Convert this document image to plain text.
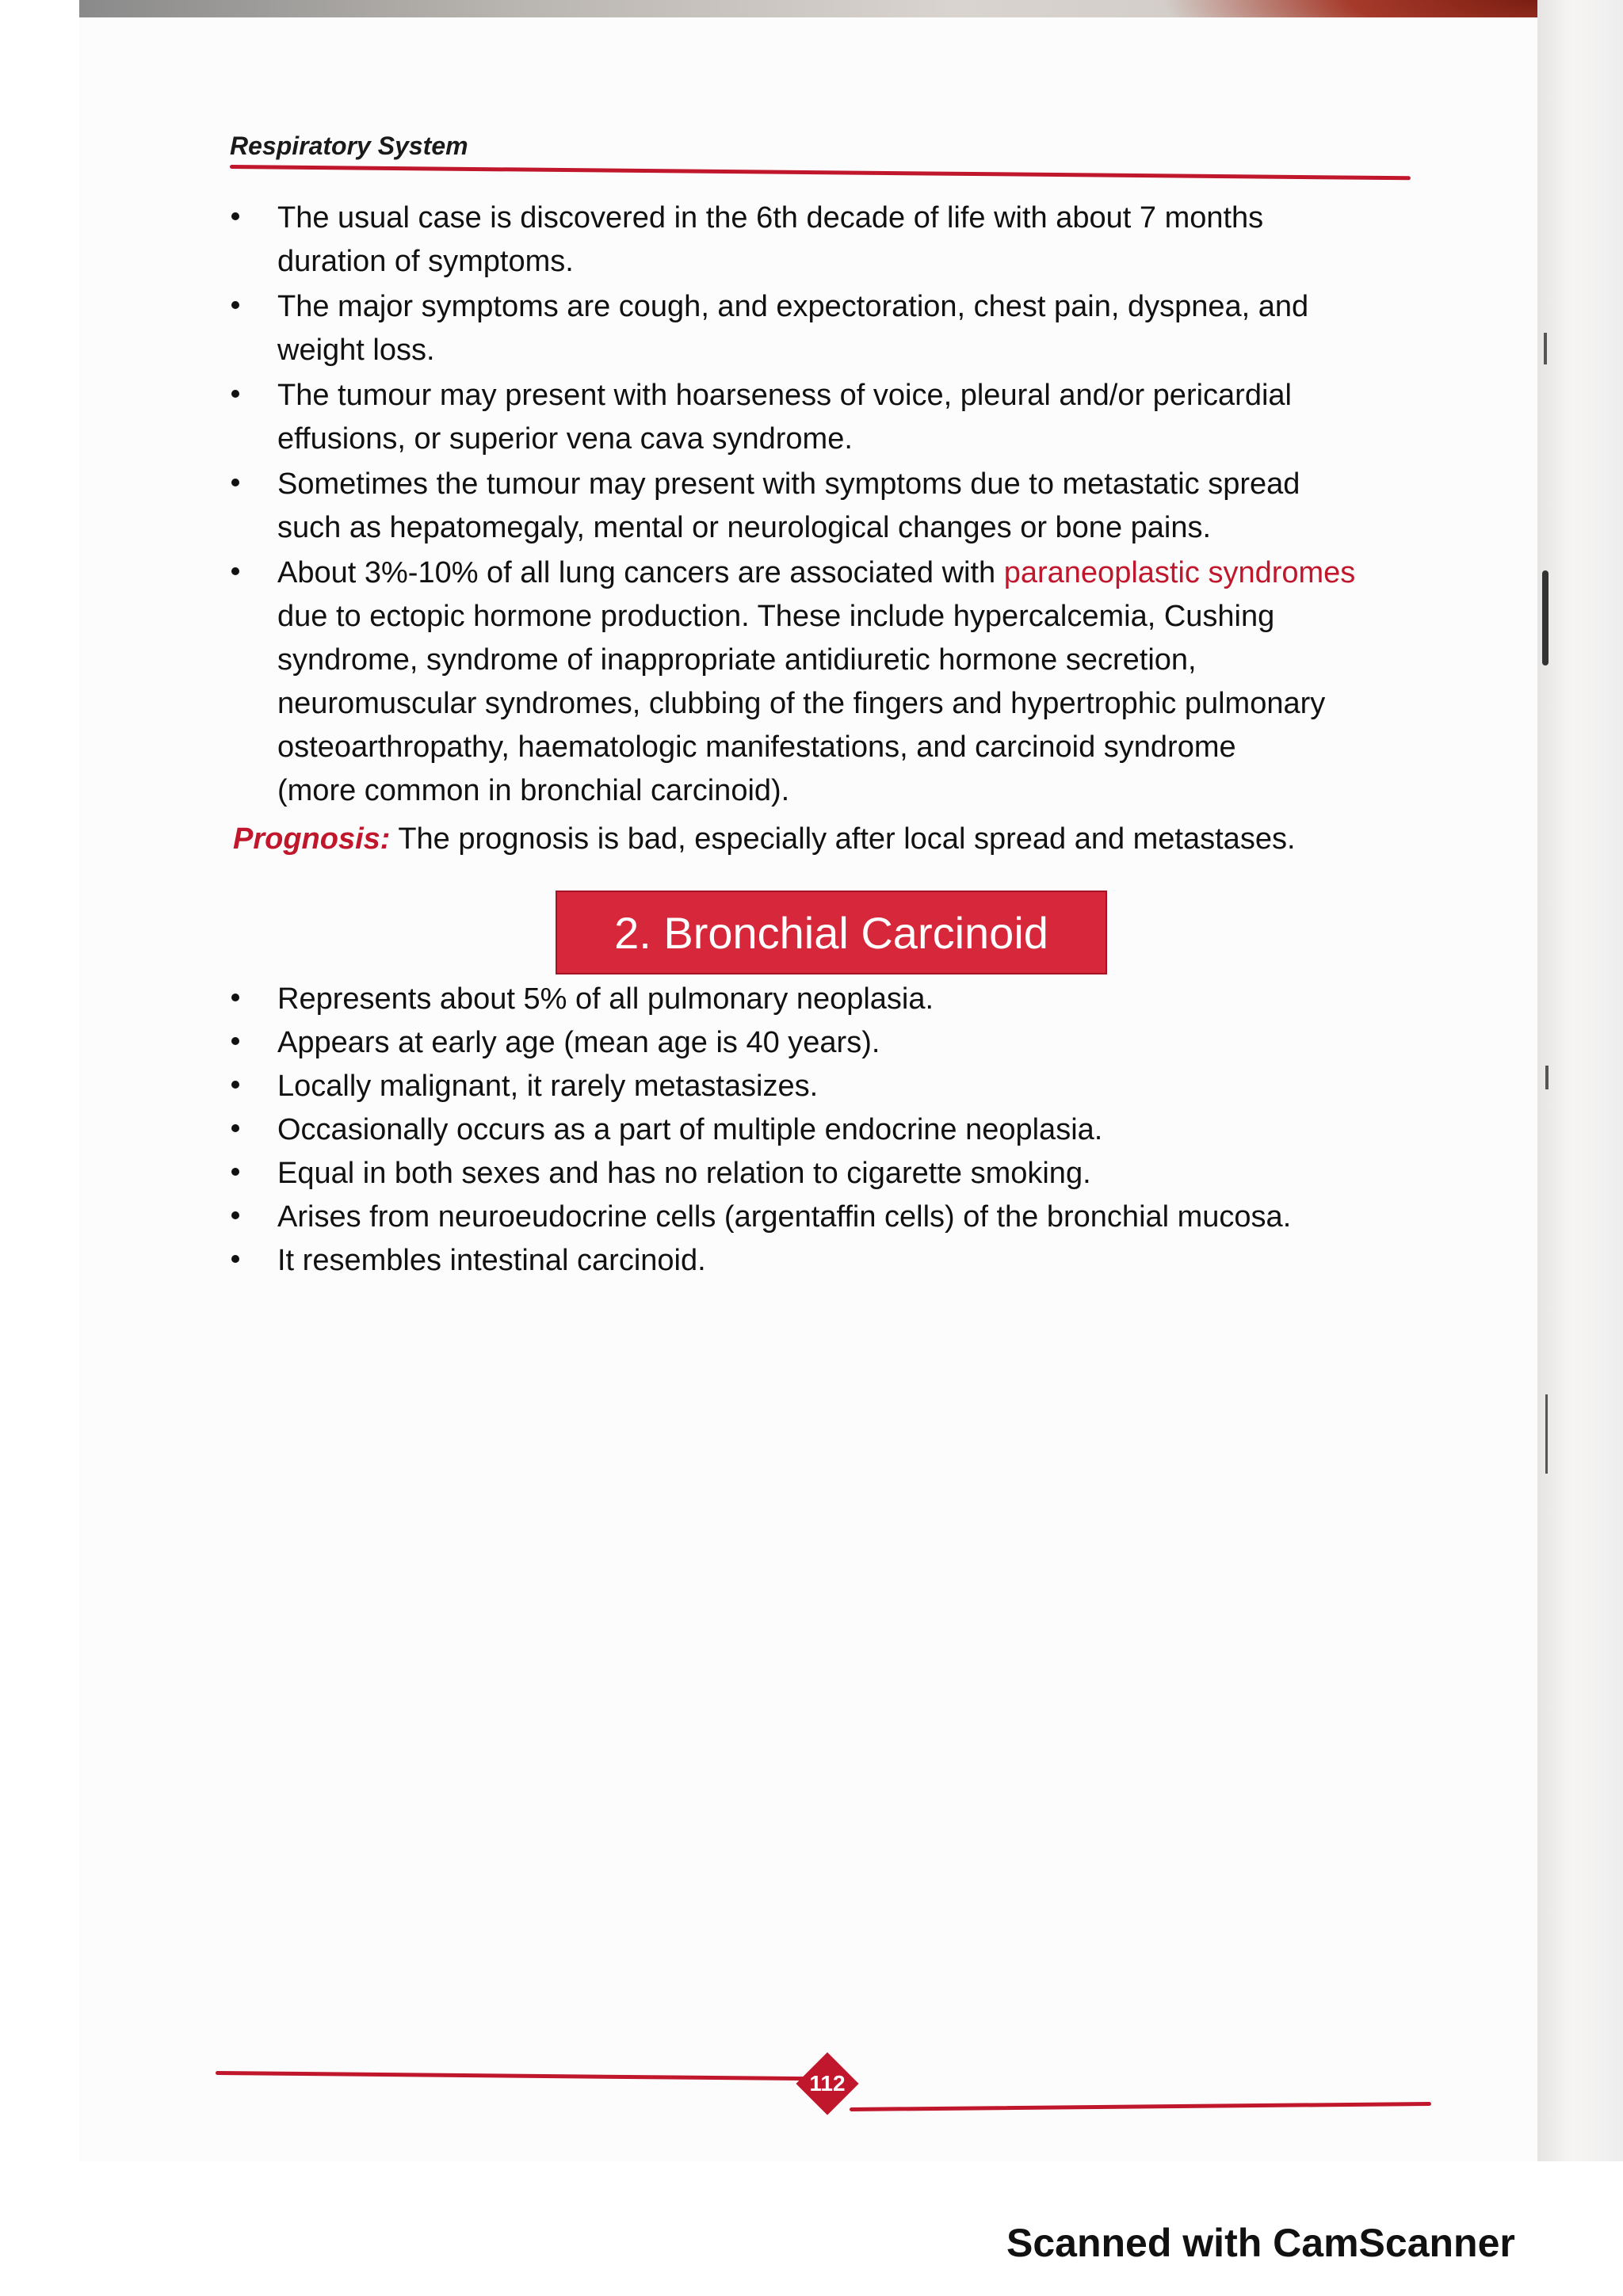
Respiratory System
The usual case is discovered in the 6th decade of life with about 7 months
duration of symptoms.
The major symptoms are cough, and expectoration, chest pain, dyspnea, and
weight loss.
The tumour may present with hoarseness of voice, pleural and/or pericardial
effusions, or superior vena cava syndrome.
Sometimes the tumour may present with symptoms due to metastatic spread
such as hepatomegaly, mental or neurological changes or bone pains.
About 3%-10% of all lung cancers are associated with paraneoplastic syndromes
due to ectopic hormone production. These include hypercalcemia, Cushing
syndrome, syndrome of inappropriate antidiuretic hormone secretion,
neuromuscular syndromes, clubbing of the fingers and hypertrophic pulmonary
osteoarthropathy, haematologic manifestations, and carcinoid syndrome
(more common in bronchial carcinoid).
Prognosis: The prognosis is bad, especially after local spread and metastases.
2. Bronchial Carcinoid
Represents about 5% of all pulmonary neoplasia.
Appears at early age (mean age is 40 years).
Locally malignant, it rarely metastasizes.
Occasionally occurs as a part of multiple endocrine neoplasia.
Equal in both sexes and has no relation to cigarette smoking.
Arises from neuroeudocrine cells (argentaffin cells) of the bronchial mucosa.
It resembles intestinal carcinoid.
112
Scanned with CamScanner
